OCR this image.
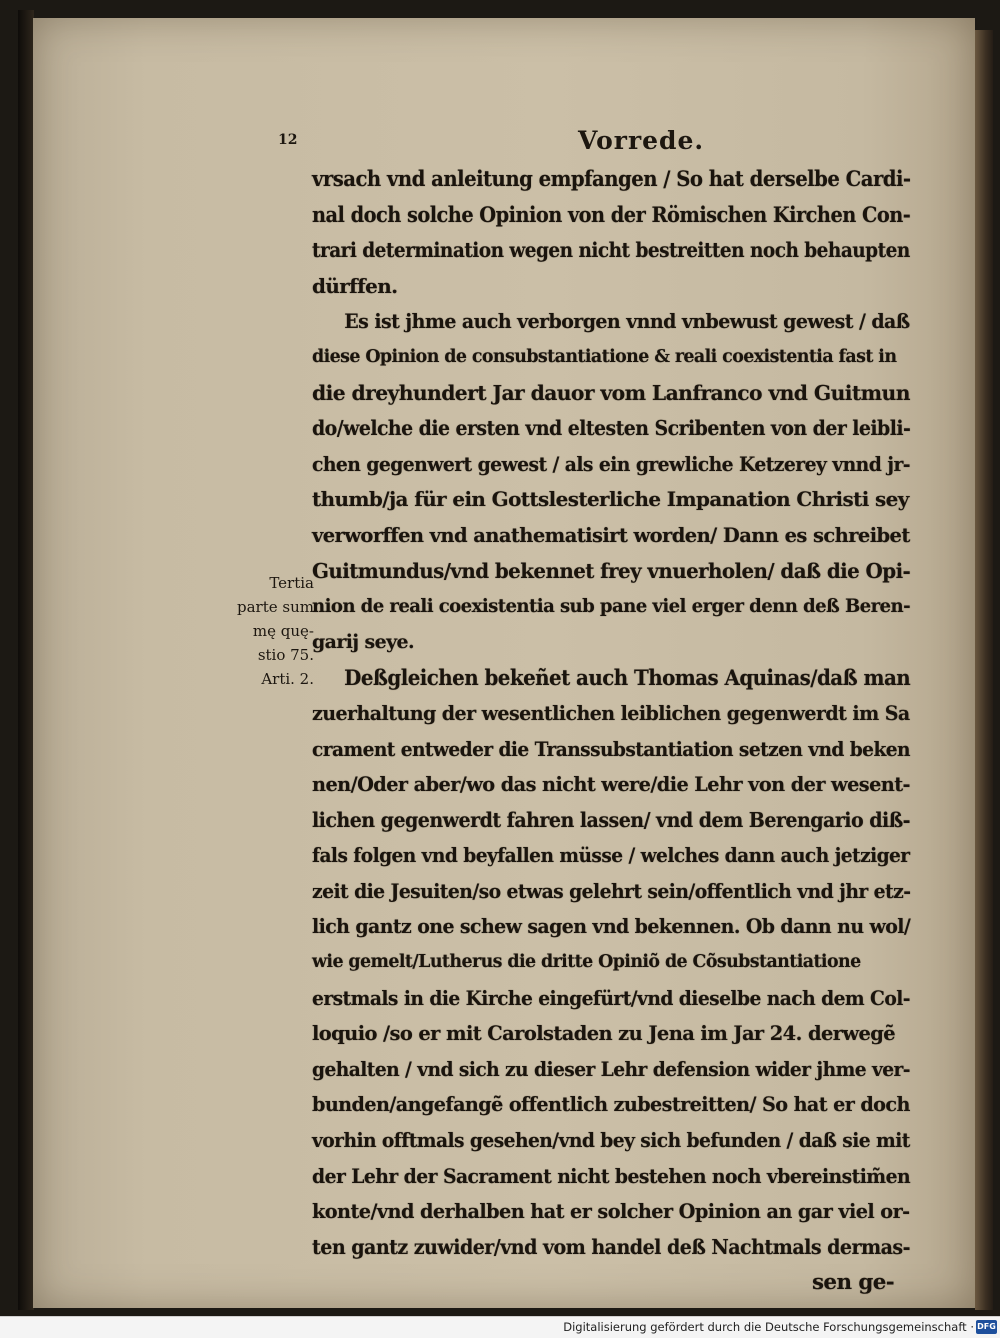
12	Vorrede.
vrsach vnd anleitung empfangen / So hat derselbe Cardi-
nal doch solche Opinion von der Römischen Kirchen Con-
trari determination wegen nicht bestreitten noch behaupten
dürffen.
Es ist jhme auch verborgen vnnd vnbewust gewest / daß
diese Opinion de consubstantiatione & reali coexistentia fast in
die dreyhundert Jar dauor vom Lanfranco vnd Guitmun
do/welche die ersten vnd eltesten Scribenten von der leibli-
chen gegenwert gewest / als ein grewliche Ketzerey vnnd jr-
thumb/ja für ein Gottslesterliche Impanation Christi sey
verworffen vnd anathematisirt worden/ Dann es schreibet
Guitmundus/vnd bekennet frey vnuerholen/ daß die Opi-
nion de reali coexistentia sub pane viel erger denn deß Beren-
garij seye.
Deßgleichen bekeñet auch Thomas Aquinas/daß man
zuerhaltung der wesentlichen leiblichen gegenwerdt im Sa
crament entweder die Transsubstantiation setzen vnd beken
nen/Oder aber/wo das nicht were/die Lehr von der wesent-
lichen gegenwerdt fahren lassen/ vnd dem Berengario diß-
fals folgen vnd beyfallen müsse / welches dann auch jetziger
zeit die Jesuiten/so etwas gelehrt sein/offentlich vnd jhr etz-
lich gantz one schew sagen vnd bekennen. Ob dann nu wol/
wie gemelt/Lutherus die dritte Opiniõ de Cõsubstantiatione
erstmals in die Kirche eingefürt/vnd dieselbe nach dem Col-
loquio /so er mit Carolstaden zu Jena im Jar 24. derwegẽ
gehalten / vnd sich zu dieser Lehr defension wider jhme ver-
bunden/angefangẽ offentlich zubestreitten/ So hat er doch
vorhin offtmals gesehen/vnd bey sich befunden / daß sie mit
der Lehr der Sacrament nicht bestehen noch vbereinstim̃en
konte/vnd derhalben hat er solcher Opinion an gar viel or-
ten gantz zuwider/vnd vom handel deß Nachtmals dermas-
sen ge-
Tertia
parte sum
mę quę-
stio 75.
Arti. 2.
Digitalisierung gefördert durch die Deutsche Forschungsgemeinschaft · DFG
